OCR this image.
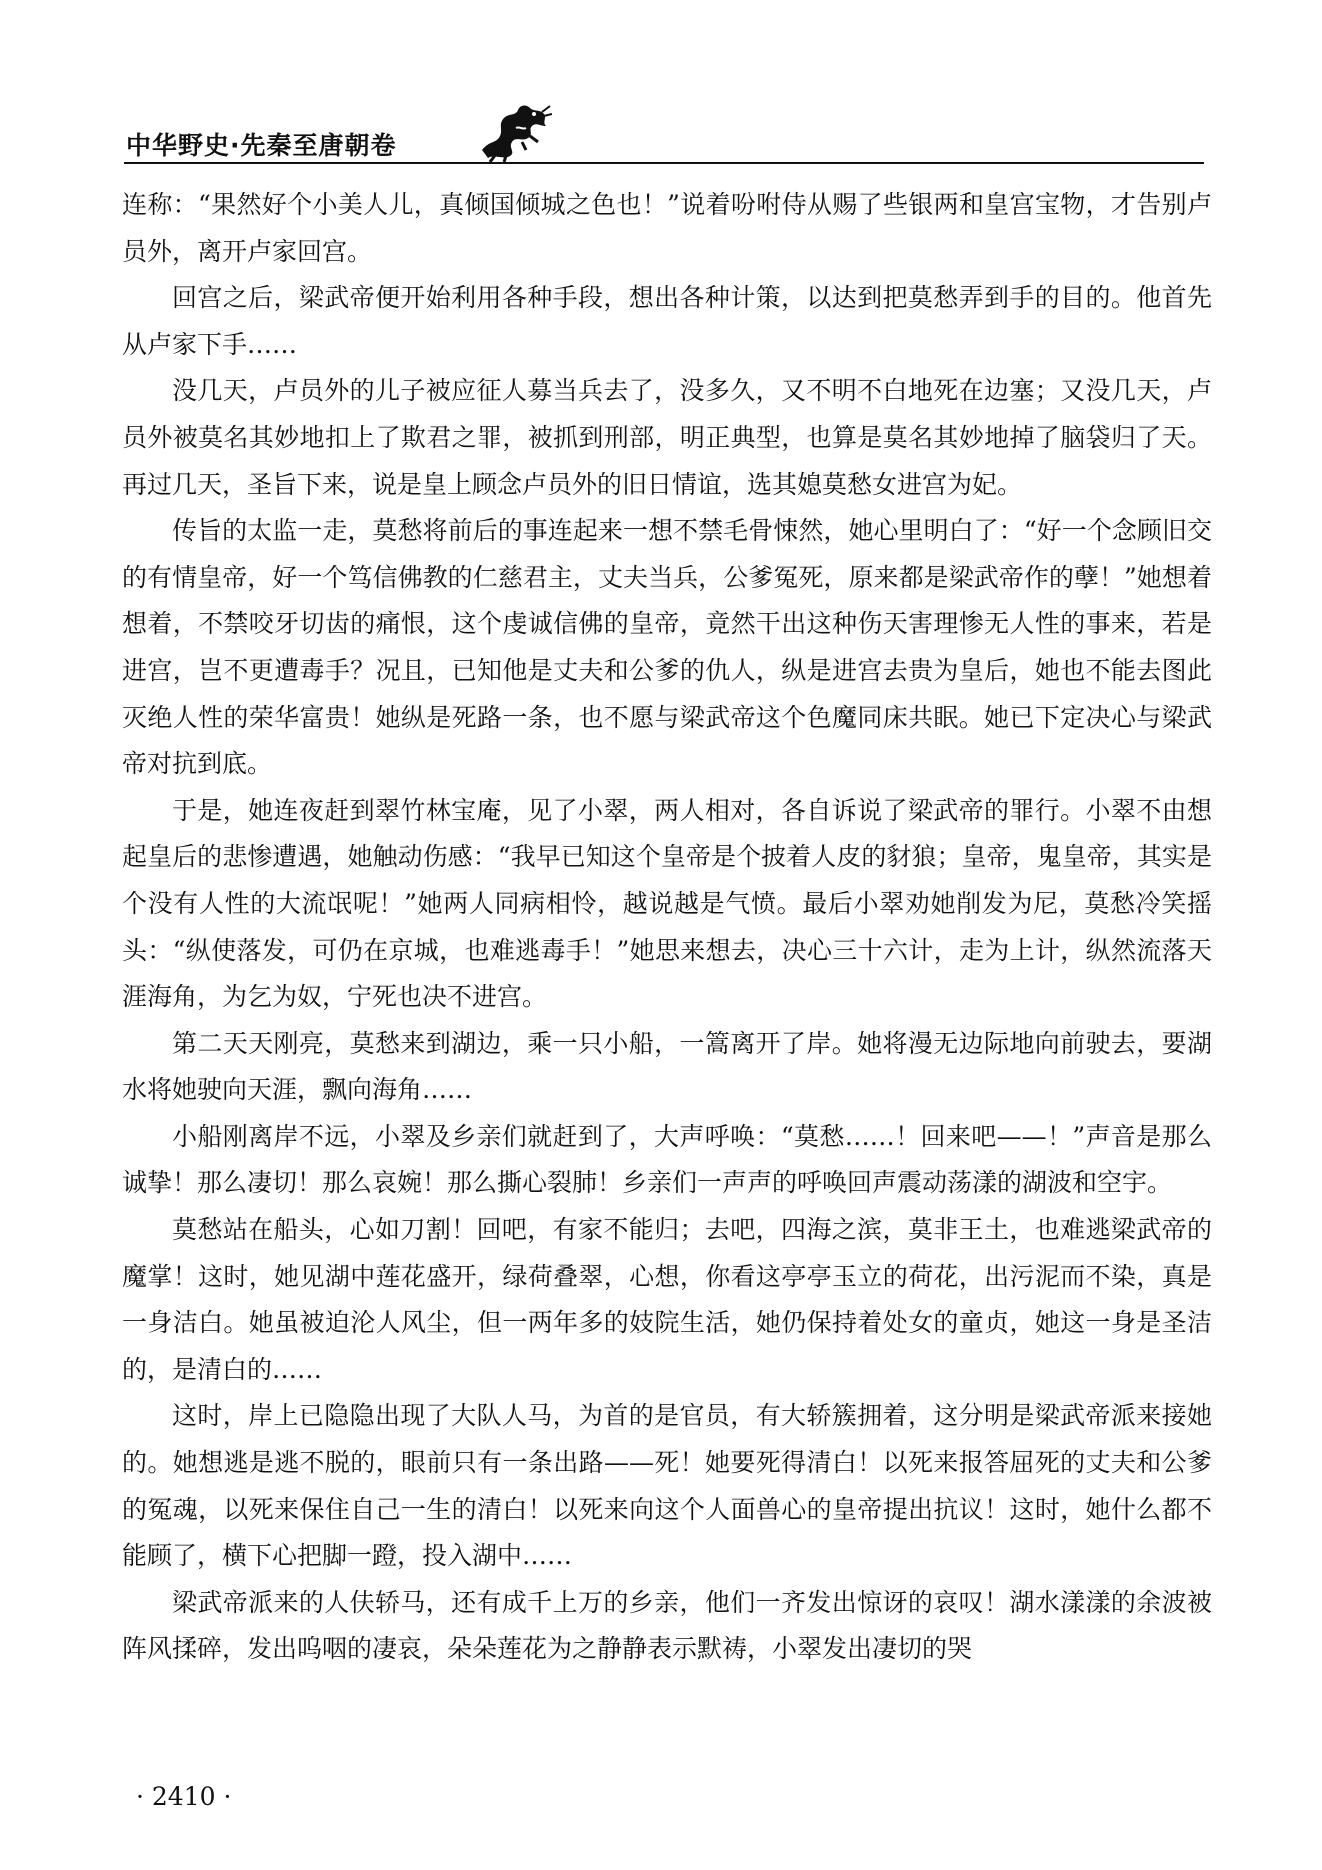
中华野史·先秦至唐朝卷

连称：“果然好个小美人儿，真倾国倾城之色也！”说着吩咐侍从赐了些银两和皇宫宝物，才告别卢员外，离开卢家回宫。

回宫之后，梁武帝便开始利用各种手段，想出各种计策，以达到把莫愁弄到手的目的。他首先从卢家下手……

没几天，卢员外的儿子被应征人募当兵去了，没多久，又不明不白地死在边塞；又没几天，卢员外被莫名其妙地扣上了欺君之罪，被抓到刑部，明正典型，也算是莫名其妙地掉了脑袋归了天。再过几天，圣旨下来，说是皇上顾念卢员外的旧日情谊，选其媳莫愁女进宫为妃。

传旨的太监一走，莫愁将前后的事连起来一想不禁毛骨悚然，她心里明白了：“好一个念顾旧交的有情皇帝，好一个笃信佛教的仁慈君主，丈夫当兵，公爹冤死，原来都是梁武帝作的孽！”她想着想着，不禁咬牙切齿的痛恨，这个虔诚信佛的皇帝，竟然干出这种伤天害理惨无人性的事来，若是进宫，岂不更遭毒手？况且，已知他是丈夫和公爹的仇人，纵是进宫去贵为皇后，她也不能去图此灭绝人性的荣华富贵！她纵是死路一条，也不愿与梁武帝这个色魔同床共眠。她已下定决心与梁武帝对抗到底。

于是，她连夜赶到翠竹林宝庵，见了小翠，两人相对，各自诉说了梁武帝的罪行。小翠不由想起皇后的悲惨遭遇，她触动伤感：“我早已知这个皇帝是个披着人皮的豺狼；皇帝，鬼皇帝，其实是个没有人性的大流氓呢！”她两人同病相怜，越说越是气愤。最后小翠劝她削发为尼，莫愁冷笑摇头：“纵使落发，可仍在京城，也难逃毒手！”她思来想去，决心三十六计，走为上计，纵然流落天涯海角，为乞为奴，宁死也决不进宫。

第二天天刚亮，莫愁来到湖边，乘一只小船，一篙离开了岸。她将漫无边际地向前驶去，要湖水将她驶向天涯，飘向海角……

小船刚离岸不远，小翠及乡亲们就赶到了，大声呼唤：“莫愁……！回来吧——！”声音是那么诚挚！那么凄切！那么哀婉！那么撕心裂肺！乡亲们一声声的呼唤回声震动荡漾的湖波和空宇。

莫愁站在船头，心如刀割！回吧，有家不能归；去吧，四海之滨，莫非王土，也难逃梁武帝的魔掌！这时，她见湖中莲花盛开，绿荷叠翠，心想，你看这亭亭玉立的荷花，出污泥而不染，真是一身洁白。她虽被迫沦人风尘，但一两年多的妓院生活，她仍保持着处女的童贞，她这一身是圣洁的，是清白的……

这时，岸上已隐隐出现了大队人马，为首的是官员，有大轿簇拥着，这分明是梁武帝派来接她的。她想逃是逃不脱的，眼前只有一条出路——死！她要死得清白！以死来报答屈死的丈夫和公爹的冤魂，以死来保住自己一生的清白！以死来向这个人面兽心的皇帝提出抗议！这时，她什么都不能顾了，横下心把脚一蹬，投入湖中……

梁武帝派来的人伕轿马，还有成千上万的乡亲，他们一齐发出惊讶的哀叹！湖水漾漾的余波被阵风揉碎，发出呜咽的凄哀，朵朵莲花为之静静表示默祷，小翠发出凄切的哭

· 2410 ·
